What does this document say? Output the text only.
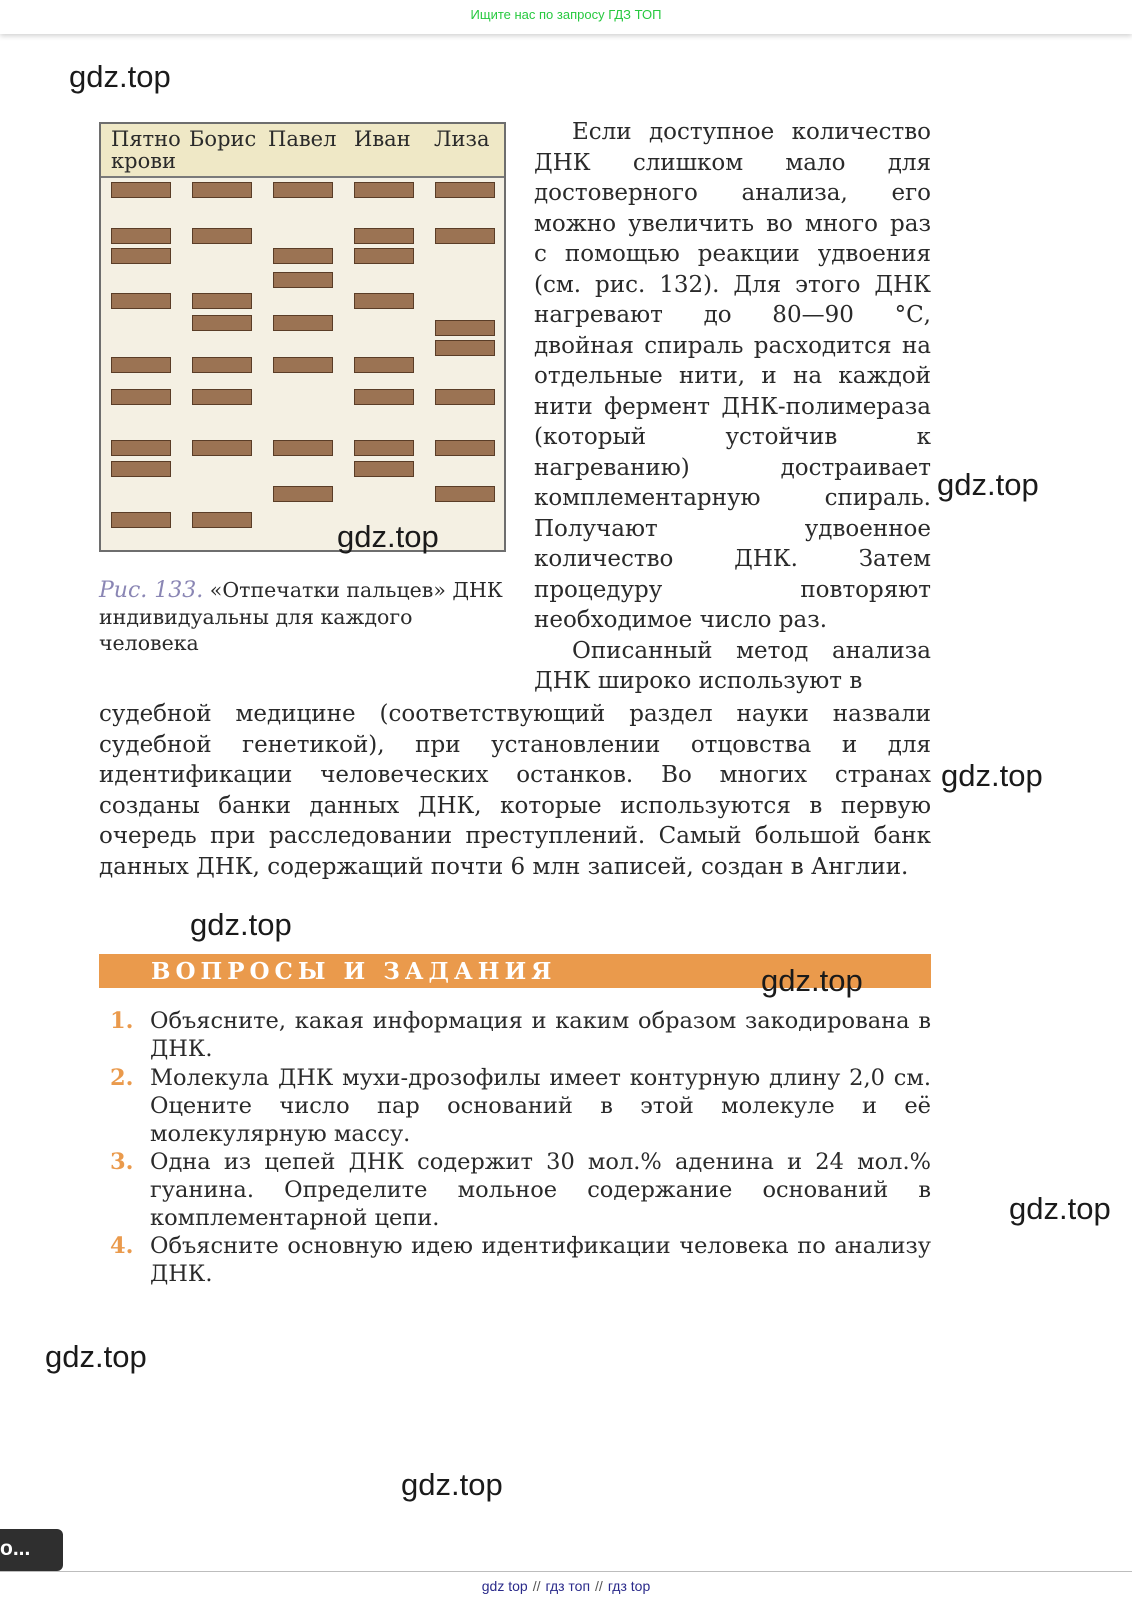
Ищите нас по запросу ГДЗ ТОП
Пятно
крови
Борис Павел Иван Лиза
Рис. 133. «Отпечатки пальцев» ДНК индивидуальны для каждого человека

Если доступное количество ДНК слишком мало для достоверного анализа, его можно увеличить во много раз с помощью реакции удвоения (см. рис. 132). Для этого ДНК нагревают до 80—90 °С, двойная спираль расходится на отдельные нити, и на каждой нити фермент ДНК-полимераза (который устойчив к нагреванию) достраивает комплементарную спираль. Получают удвоенное количество ДНК. Затем процедуру повторяют необходимое число раз.

Описанный метод анализа ДНК широко используют в

судебной медицине (соответствующий раздел науки назвали судебной генетикой), при установлении отцовства и для идентификации человеческих останков. Во многих странах созданы банки данных ДНК, которые используются в первую очередь при расследовании преступлений. Самый большой банк данных ДНК, содержащий почти 6 млн записей, создан в Англии.
ВОПРОСЫ И ЗАДАНИЯ
1. Объясните, какая информация и каким образом закодирована в ДНК.
2. Молекула ДНК мухи-дрозофилы имеет контурную длину 2,0 см. Оцените число пар оснований в этой молекуле и её молекулярную массу.
3. Одна из цепей ДНК содержит 30 мол.% аденина и 24 мол.% гуанина. Определите мольное содержание оснований в комплементарной цепи.
4. Объясните основную идею идентификации человека по анализу ДНК.
gdz.top
gdz.top
gdz.top
gdz.top
gdz.top
gdz.top
gdz.top
gdz.top
gdz.top
o...
gdz top // гдз топ // гдз top
